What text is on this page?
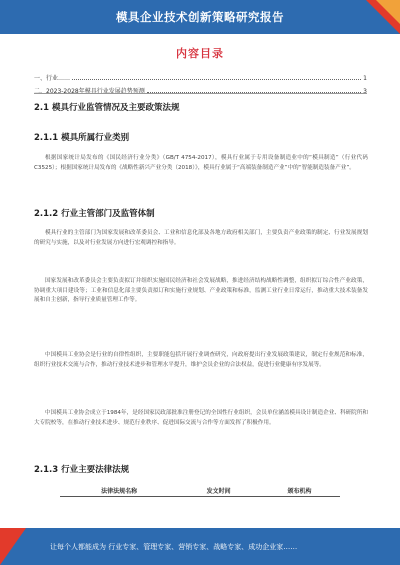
模具企业技术创新策略研究报告
内容目录
一、行业……	1
二、2023-2028年模具行业发展趋势预测	3
2.1 模具行业监管情况及主要政策法规
2.1.1 模具所属行业类别
根据国家统计局发布的《国民经济行业分类》（GB/T 4754-2017），模具行业属于专用设备制造业中的“模具制造”（行业代码C3525）；根据国家统计局发布的《战略性新兴产业分类（2018）》，模具行业属于“高端装备制造产业”中的“智能制造装备产业”。
2.1.2 行业主管部门及监管体制
模具行业的主管部门为国家发展和改革委员会、工业和信息化部及各地方政府相关部门，主要负责产业政策的制定、行业发展规划的研究与实施，以及对行业发展方向进行宏观调控和指导。
国家发展和改革委员会主要负责拟订并组织实施国民经济和社会发展战略，推进经济结构战略性调整，组织拟订综合性产业政策，协调重大项目建设等；工业和信息化部主要负责拟订和实施行业规划、产业政策和标准，监测工业行业日常运行，推动重大技术装备发展和自主创新，指导行业质量管理工作等。
中国模具工业协会是行业的自律性组织，主要职能包括开展行业调查研究，向政府提出行业发展政策建议，制定行业规范和标准，组织行业技术交流与合作，推动行业技术进步和管理水平提升，维护会员企业的合法权益，促进行业健康有序发展等。
中国模具工业协会成立于1984年，是经国家民政部批准注册登记的全国性行业组织，会员单位涵盖模具设计制造企业、科研院所和大专院校等，在推动行业技术进步、规范行业秩序、促进国际交流与合作等方面发挥了积极作用。
2.1.3 行业主要法律法规
法律法规名称	发文时间	颁布机构
让每个人都能成为 行业专家、管理专家、营销专家、战略专家、成功企业家……
